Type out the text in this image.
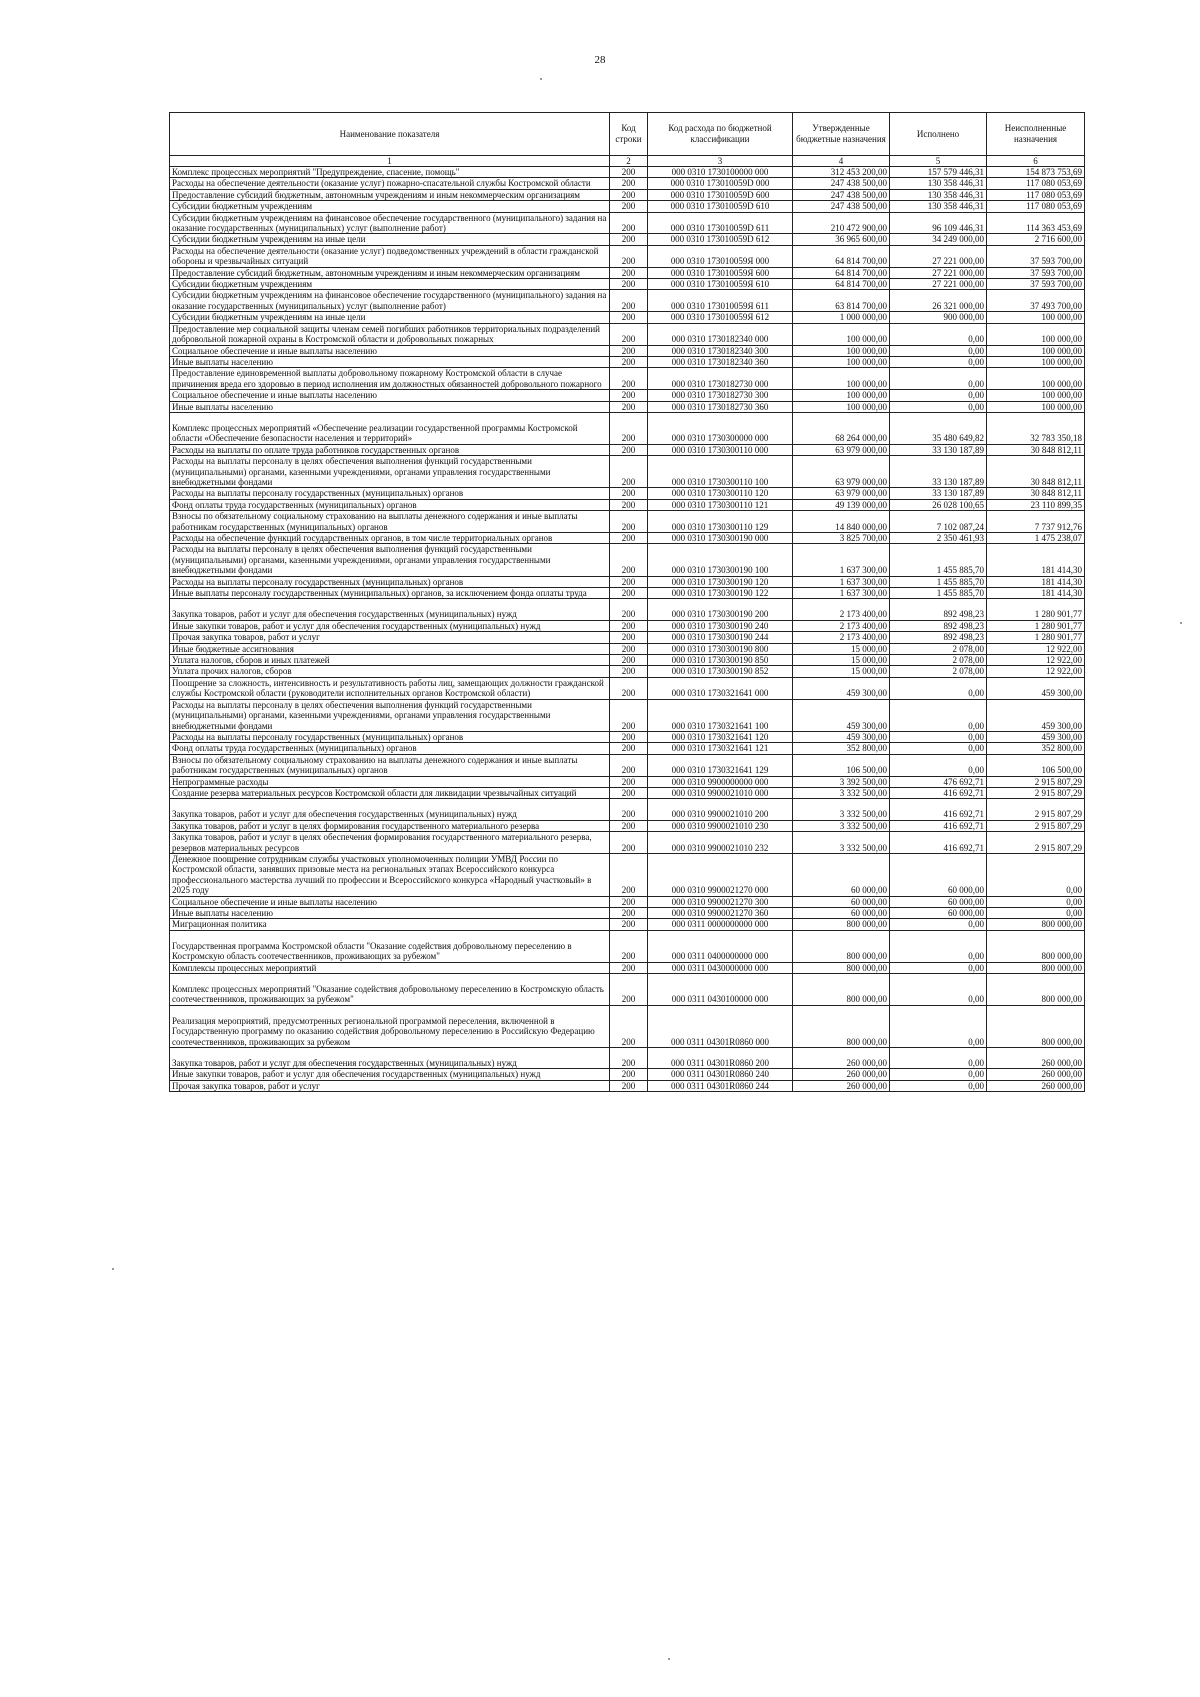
28
Наименование показателя	Код строки	Код расхода по бюджетной классификации	Утвержденные бюджетные назначения	Исполнено	Неисполненные назначения
1	2	3	4	5	6
Комплекс процессных мероприятий "Предупреждение, спасение, помощь"	200	000 0310 1730100000 000	312 453 200,00	157 579 446,31	154 873 753,69
Расходы на обеспечение деятельности (оказание услуг) пожарно-спасательной службы Костромской области	200	000 0310 173010059D 000	247 438 500,00	130 358 446,31	117 080 053,69
Предоставление субсидий бюджетным, автономным учреждениям и иным некоммерческим организациям	200	000 0310 173010059D 600	247 438 500,00	130 358 446,31	117 080 053,69
Субсидии бюджетным учреждениям	200	000 0310 173010059D 610	247 438 500,00	130 358 446,31	117 080 053,69
Субсидии бюджетным учреждениям на финансовое обеспечение государственного (муниципального) задания на оказание государственных (муниципальных) услуг (выполнение работ)	200	000 0310 173010059D 611	210 472 900,00	96 109 446,31	114 363 453,69
Субсидии бюджетным учреждениям на иные цели	200	000 0310 173010059D 612	36 965 600,00	34 249 000,00	2 716 600,00
Расходы на обеспечение деятельности (оказание услуг) подведомственных учреждений в области гражданской обороны и чрезвычайных ситуаций	200	000 0310 173010059Я 000	64 814 700,00	27 221 000,00	37 593 700,00
Предоставление субсидий бюджетным, автономным учреждениям и иным некоммерческим организациям	200	000 0310 173010059Я 600	64 814 700,00	27 221 000,00	37 593 700,00
Субсидии бюджетным учреждениям	200	000 0310 173010059Я 610	64 814 700,00	27 221 000,00	37 593 700,00
Субсидии бюджетным учреждениям на финансовое обеспечение государственного (муниципального) задания на оказание государственных (муниципальных) услуг (выполнение работ)	200	000 0310 173010059Я 611	63 814 700,00	26 321 000,00	37 493 700,00
Субсидии бюджетным учреждениям на иные цели	200	000 0310 173010059Я 612	1 000 000,00	900 000,00	100 000,00
Предоставление мер социальной защиты членам семей погибших работников территориальных подразделений добровольной пожарной охраны в Костромской области и добровольных пожарных	200	000 0310 1730182340 000	100 000,00	0,00	100 000,00
Социальное обеспечение и иные выплаты населению	200	000 0310 1730182340 300	100 000,00	0,00	100 000,00
Иные выплаты населению	200	000 0310 1730182340 360	100 000,00	0,00	100 000,00
Предоставление единовременной выплаты добровольному пожарному Костромской области в случае причинения вреда его здоровью в период исполнения им должностных обязанностей добровольного пожарного	200	000 0310 1730182730 000	100 000,00	0,00	100 000,00
Социальное обеспечение и иные выплаты населению	200	000 0310 1730182730 300	100 000,00	0,00	100 000,00
Иные выплаты населению	200	000 0310 1730182730 360	100 000,00	0,00	100 000,00
Комплекс процессных мероприятий «Обеспечение реализации государственной программы Костромской области «Обеспечение безопасности населения и территорий»	200	000 0310 1730300000 000	68 264 000,00	35 480 649,82	32 783 350,18
Расходы на выплаты по оплате труда работников государственных органов	200	000 0310 1730300110 000	63 979 000,00	33 130 187,89	30 848 812,11
Расходы на выплаты персоналу в целях обеспечения выполнения функций государственными (муниципальными) органами, казенными учреждениями, органами управления государственными внебюджетными фондами	200	000 0310 1730300110 100	63 979 000,00	33 130 187,89	30 848 812,11
Расходы на выплаты персоналу государственных (муниципальных) органов	200	000 0310 1730300110 120	63 979 000,00	33 130 187,89	30 848 812,11
Фонд оплаты труда государственных (муниципальных) органов	200	000 0310 1730300110 121	49 139 000,00	26 028 100,65	23 110 899,35
Взносы по обязательному социальному страхованию на выплаты денежного содержания и иные выплаты работникам государственных (муниципальных) органов	200	000 0310 1730300110 129	14 840 000,00	7 102 087,24	7 737 912,76
Расходы на обеспечение функций государственных органов, в том числе территориальных органов	200	000 0310 1730300190 000	3 825 700,00	2 350 461,93	1 475 238,07
Расходы на выплаты персоналу в целях обеспечения выполнения функций государственными (муниципальными) органами, казенными учреждениями, органами управления государственными внебюджетными фондами	200	000 0310 1730300190 100	1 637 300,00	1 455 885,70	181 414,30
Расходы на выплаты персоналу государственных (муниципальных) органов	200	000 0310 1730300190 120	1 637 300,00	1 455 885,70	181 414,30
Иные выплаты персоналу государственных (муниципальных) органов, за исключением фонда оплаты труда	200	000 0310 1730300190 122	1 637 300,00	1 455 885,70	181 414,30
Закупка товаров, работ и услуг для обеспечения государственных (муниципальных) нужд	200	000 0310 1730300190 200	2 173 400,00	892 498,23	1 280 901,77
Иные закупки товаров, работ и услуг для обеспечения государственных (муниципальных) нужд	200	000 0310 1730300190 240	2 173 400,00	892 498,23	1 280 901,77
Прочая закупка товаров, работ и услуг	200	000 0310 1730300190 244	2 173 400,00	892 498,23	1 280 901,77
Иные бюджетные ассигнования	200	000 0310 1730300190 800	15 000,00	2 078,00	12 922,00
Уплата налогов, сборов и иных платежей	200	000 0310 1730300190 850	15 000,00	2 078,00	12 922,00
Уплата прочих налогов, сборов	200	000 0310 1730300190 852	15 000,00	2 078,00	12 922,00
Поощрение за сложность, интенсивность и результативность работы лиц, замещающих должности гражданской службы Костромской области (руководители исполнительных органов Костромской области)	200	000 0310 1730321641 000	459 300,00	0,00	459 300,00
Расходы на выплаты персоналу в целях обеспечения выполнения функций государственными (муниципальными) органами, казенными учреждениями, органами управления государственными внебюджетными фондами	200	000 0310 1730321641 100	459 300,00	0,00	459 300,00
Расходы на выплаты персоналу государственных (муниципальных) органов	200	000 0310 1730321641 120	459 300,00	0,00	459 300,00
Фонд оплаты труда государственных (муниципальных) органов	200	000 0310 1730321641 121	352 800,00	0,00	352 800,00
Взносы по обязательному социальному страхованию на выплаты денежного содержания и иные выплаты работникам государственных (муниципальных) органов	200	000 0310 1730321641 129	106 500,00	0,00	106 500,00
Непрограммные расходы	200	000 0310 9900000000 000	3 392 500,00	476 692,71	2 915 807,29
Создание резерва материальных ресурсов Костромской области для ликвидации чрезвычайных ситуаций	200	000 0310 9900021010 000	3 332 500,00	416 692,71	2 915 807,29
Закупка товаров, работ и услуг для обеспечения государственных (муниципальных) нужд	200	000 0310 9900021010 200	3 332 500,00	416 692,71	2 915 807,29
Закупка товаров, работ и услуг в целях формирования государственного материального резерва	200	000 0310 9900021010 230	3 332 500,00	416 692,71	2 915 807,29
Закупка товаров, работ и услуг в целях обеспечения формирования государственного материального резерва, резервов материальных ресурсов	200	000 0310 9900021010 232	3 332 500,00	416 692,71	2 915 807,29
Денежное поощрение сотрудникам службы участковых уполномоченных полиции УМВД России по Костромской области, занявших призовые места на региональных этапах Всероссийского конкурса профессионального мастерства лучший по профессии и Всероссийского конкурса «Народный участковый» в 2025 году	200	000 0310 9900021270 000	60 000,00	60 000,00	0,00
Социальное обеспечение и иные выплаты населению	200	000 0310 9900021270 300	60 000,00	60 000,00	0,00
Иные выплаты населению	200	000 0310 9900021270 360	60 000,00	60 000,00	0,00
Миграционная политика	200	000 0311 0000000000 000	800 000,00	0,00	800 000,00
Государственная программа Костромской области "Оказание содействия добровольному переселению в Костромскую область соотечественников, проживающих за рубежом"	200	000 0311 0400000000 000	800 000,00	0,00	800 000,00
Комплексы процессных мероприятий	200	000 0311 0430000000 000	800 000,00	0,00	800 000,00
Комплекс процессных мероприятий "Оказание содействия добровольному переселению в Костромскую область соотечественников, проживающих за рубежом"	200	000 0311 0430100000 000	800 000,00	0,00	800 000,00
Реализация мероприятий, предусмотренных региональной программой переселения, включенной в Государственную программу по оказанию содействия добровольному переселению в Российскую Федерацию соотечественников, проживающих за рубежом	200	000 0311 04301R0860 000	800 000,00	0,00	800 000,00
Закупка товаров, работ и услуг для обеспечения государственных (муниципальных) нужд	200	000 0311 04301R0860 200	260 000,00	0,00	260 000,00
Иные закупки товаров, работ и услуг для обеспечения государственных (муниципальных) нужд	200	000 0311 04301R0860 240	260 000,00	0,00	260 000,00
Прочая закупка товаров, работ и услуг	200	000 0311 04301R0860 244	260 000,00	0,00	260 000,00
